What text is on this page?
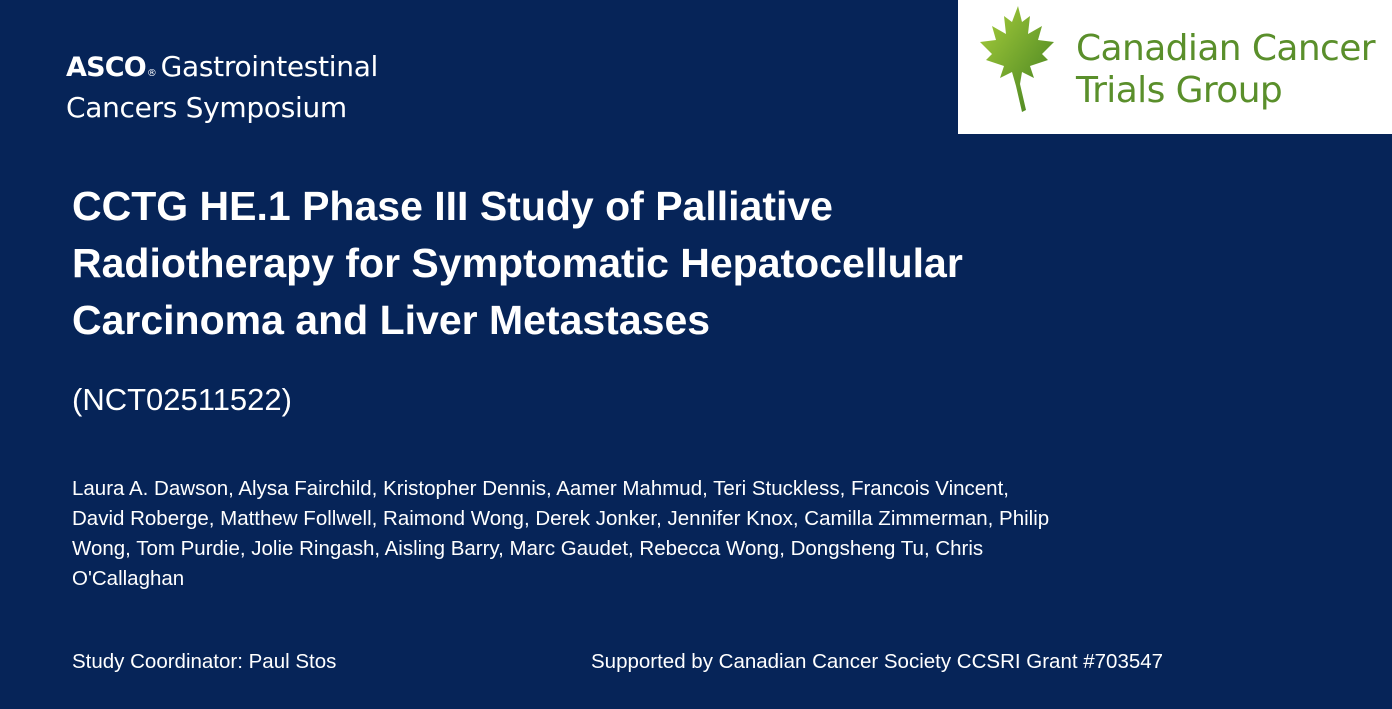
ASCO ® Gastrointestinal
Cancers Symposium
Canadian Cancer
Trials Group
CCTG HE.1 Phase III Study of Palliative
Radiotherapy for Symptomatic Hepatocellular
Carcinoma and Liver Metastases
(NCT02511522)
Laura A. Dawson, Alysa Fairchild, Kristopher Dennis, Aamer Mahmud, Teri Stuckless, Francois Vincent,
David Roberge, Matthew Follwell, Raimond Wong, Derek Jonker, Jennifer Knox, Camilla Zimmerman, Philip
Wong, Tom Purdie, Jolie Ringash, Aisling Barry, Marc Gaudet, Rebecca Wong, Dongsheng Tu, Chris
O'Callaghan
Study Coordinator: Paul Stos	Supported by Canadian Cancer Society CCSRI Grant #703547
